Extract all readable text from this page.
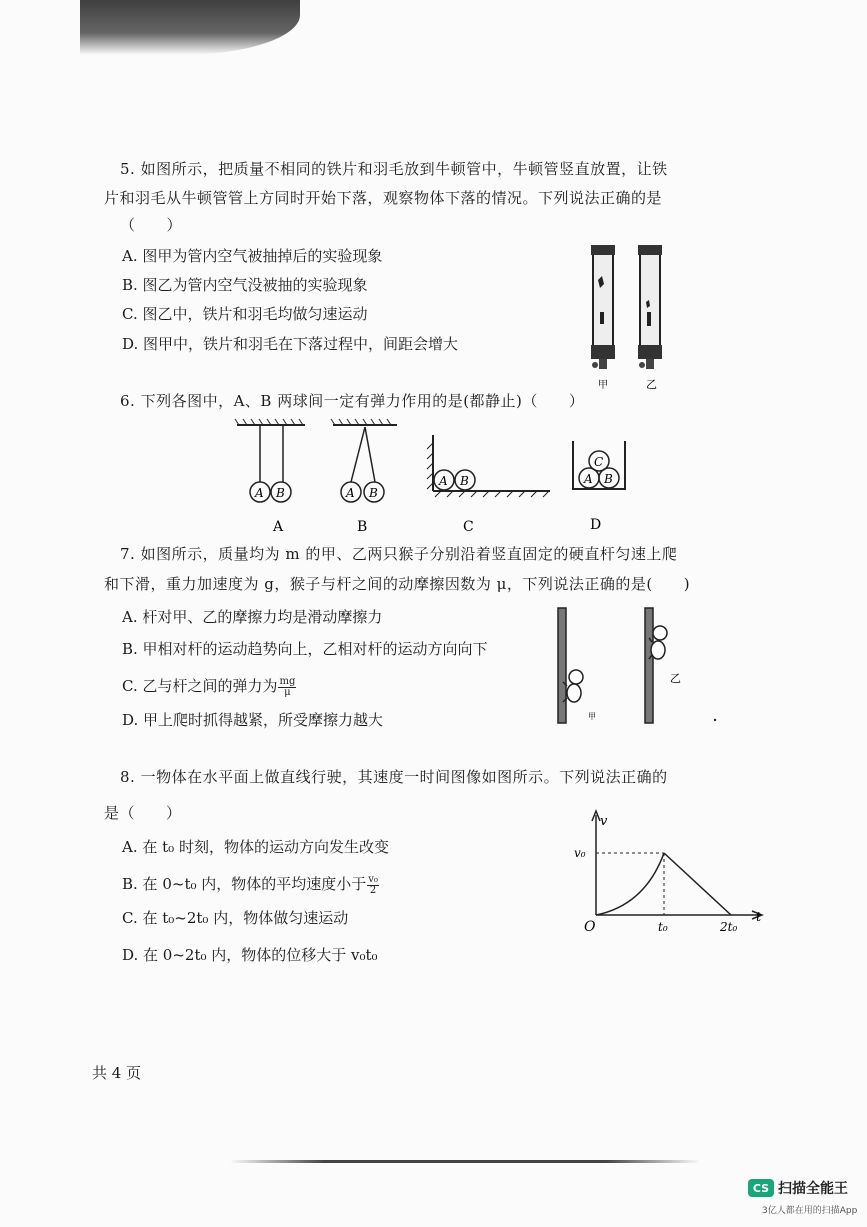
5. 如图所示，把质量不相同的铁片和羽毛放到牛顿管中，牛顿管竖直放置，让铁
片和羽毛从牛顿管管上方同时开始下落，观察物体下落的情况。下列说法正确的是
（　　）
A. 图甲为管内空气被抽掉后的实验现象
B. 图乙为管内空气没被抽的实验现象
C. 图乙中，铁片和羽毛均做匀速运动
D. 图甲中，铁片和羽毛在下落过程中，间距会增大
甲	乙
6. 下列各图中，A、B 两球间一定有弹力作用的是(都静止)（　　）
A B	A B
A B	A B
C
A	B	C	D
7. 如图所示，质量均为 m 的甲、乙两只猴子分别沿着竖直固定的硬直杆匀速上爬
和下滑，重力加速度为 g，猴子与杆之间的动摩擦因数为 μ，下列说法正确的是(　　)
A. 杆对甲、乙的摩擦力均是滑动摩擦力
B. 甲相对杆的运动趋势向上，乙相对杆的运动方向向下
C. 乙与杆之间的弹力为 $\frac{mg}{\mu}$
D. 甲上爬时抓得越紧，所受摩擦力越大	甲
乙
8. 一物体在水平面上做直线行驶，其速度一时间图像如图所示。下列说法正确的
是（　　）
A. 在 t₀ 时刻，物体的运动方向发生改变
B. 在 0~t₀ 内，物体的平均速度小于 $\frac{\text{v₀}}{2}$
C. 在 t₀~2t₀ 内，物体做匀速运动
D. 在 0~2t₀ 内，物体的位移大于 v₀t₀
v
t
O
v₀
t₀	2t₀
共 4 页
CS 扫描全能王
3亿人都在用的扫描App
